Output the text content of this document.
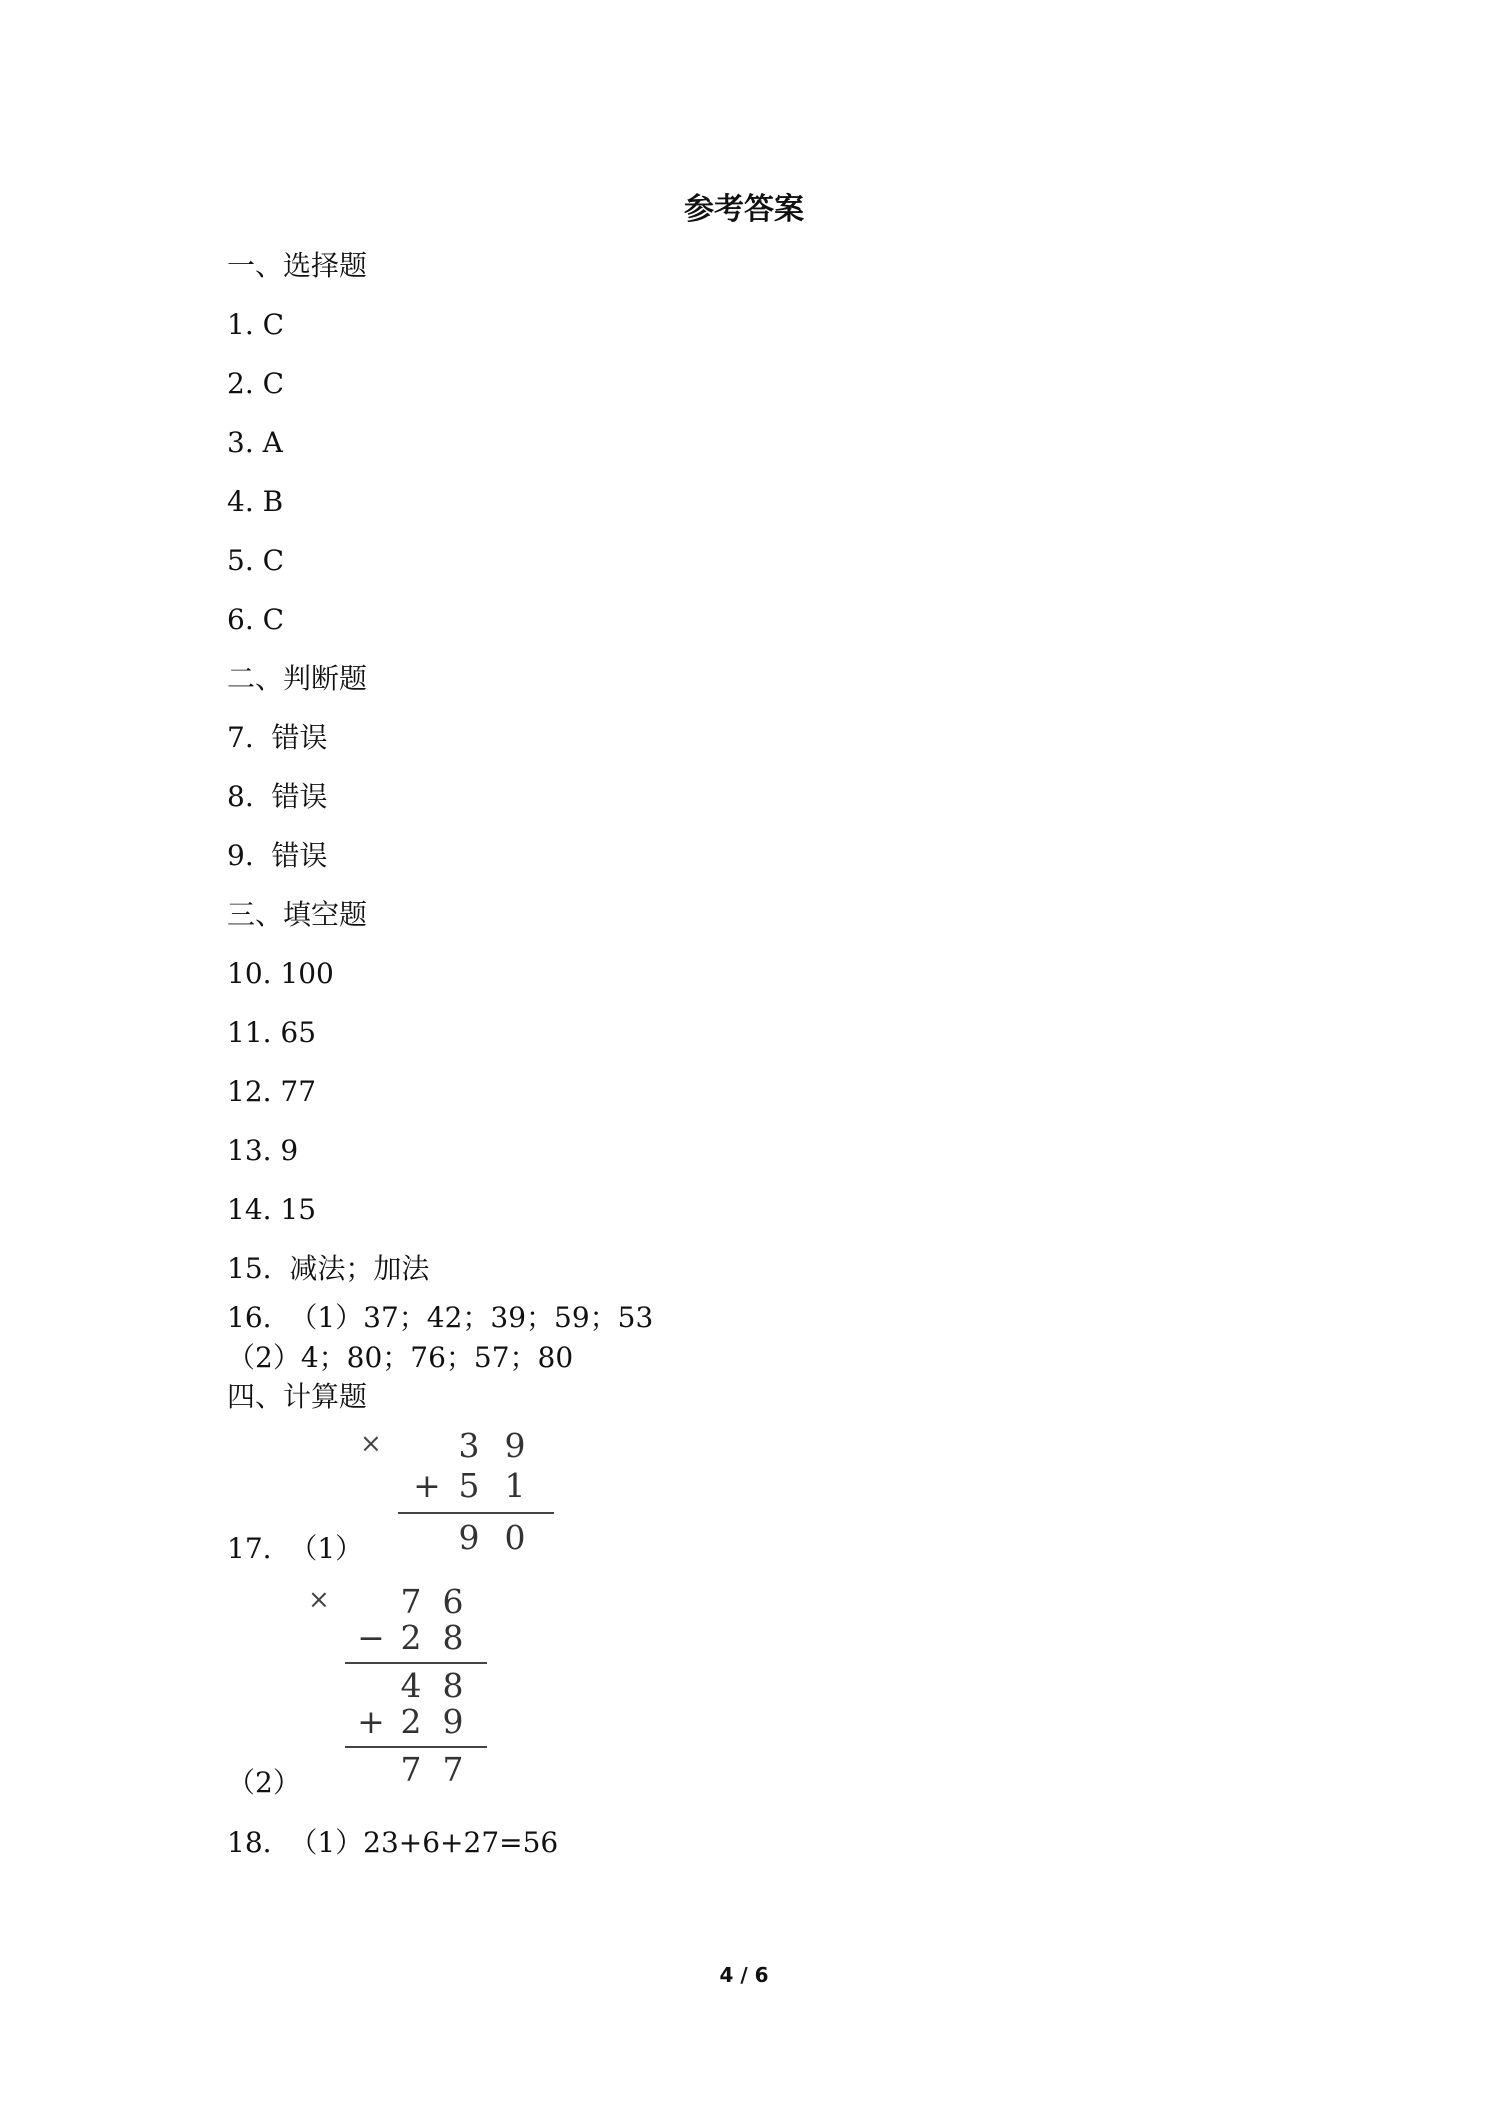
参考答案
一、选择题
1. C
2. C
3. A
4. B
5. C
6. C
二、判断题
7.  错误
8.  错误
9.  错误
三、填空题
10. 100
11. 65
12. 77
13. 9
14. 15
15.  减法；加法
16.  （1）37；42；39；59；53
（2）4；80；76；57；80
四、计算题
17.  （1）
× 3 9
+ 5 1
9 0
× 7 6
− 2 8
4 8
+ 2 9
7 7
（2）
18.  （1）23+6+27=56
4 / 6
